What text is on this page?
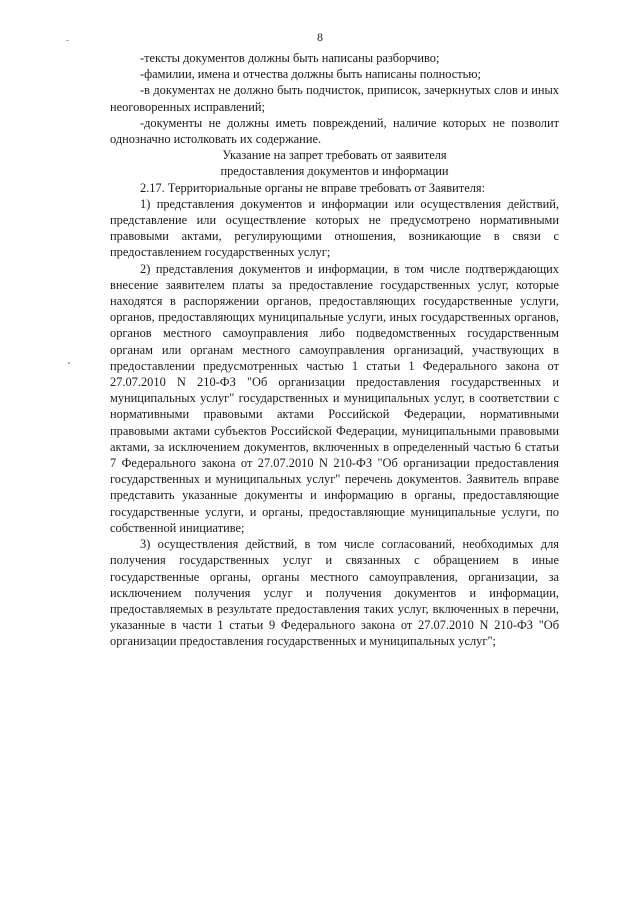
8

-тексты документов должны быть написаны разборчиво;

-фамилии, имена и отчества должны быть написаны полностью;

-в документах не должно быть подчисток, приписок, зачеркнутых слов и иных неоговоренных исправлений;

-документы не должны иметь повреждений, наличие которых не позволит однозначно истолковать их содержание.

Указание на запрет требовать от заявителя
предоставления документов и информации

2.17. Территориальные органы не вправе требовать от Заявителя:

1) представления документов и информации или осуществления действий, представление или осуществление которых не предусмотрено нормативными правовыми актами, регулирующими отношения, возникающие в связи с предоставлением государственных услуг;

2) представления документов и информации, в том числе подтверждающих внесение заявителем платы за предоставление государственных услуг, которые находятся в распоряжении органов, предоставляющих государственные услуги, органов, предоставляющих муниципальные услуги, иных государственных органов, органов местного самоуправления либо подведомственных государственным органам или органам местного самоуправления организаций, участвующих в предоставлении предусмотренных частью 1 статьи 1 Федерального закона от 27.07.2010 N 210-ФЗ "Об организации предоставления государственных и муниципальных услуг" государственных и муниципальных услуг, в соответствии с нормативными правовыми актами Российской Федерации, нормативными правовыми актами субъектов Российской Федерации, муниципальными правовыми актами, за исключением документов, включенных в определенный частью 6 статьи 7 Федерального закона от 27.07.2010 N 210-ФЗ "Об организации предоставления государственных и муниципальных услуг" перечень документов. Заявитель вправе представить указанные документы и информацию в органы, предоставляющие государственные услуги, и органы, предоставляющие муниципальные услуги, по собственной инициативе;

3) осуществления действий, в том числе согласований, необходимых для получения государственных услуг и связанных с обращением в иные государственные органы, органы местного самоуправления, организации, за исключением получения услуг и получения документов и информации, предоставляемых в результате предоставления таких услуг, включенных в перечни, указанные в части 1 статьи 9 Федерального закона от 27.07.2010 N 210-ФЗ "Об организации предоставления государственных и муниципальных услуг";
